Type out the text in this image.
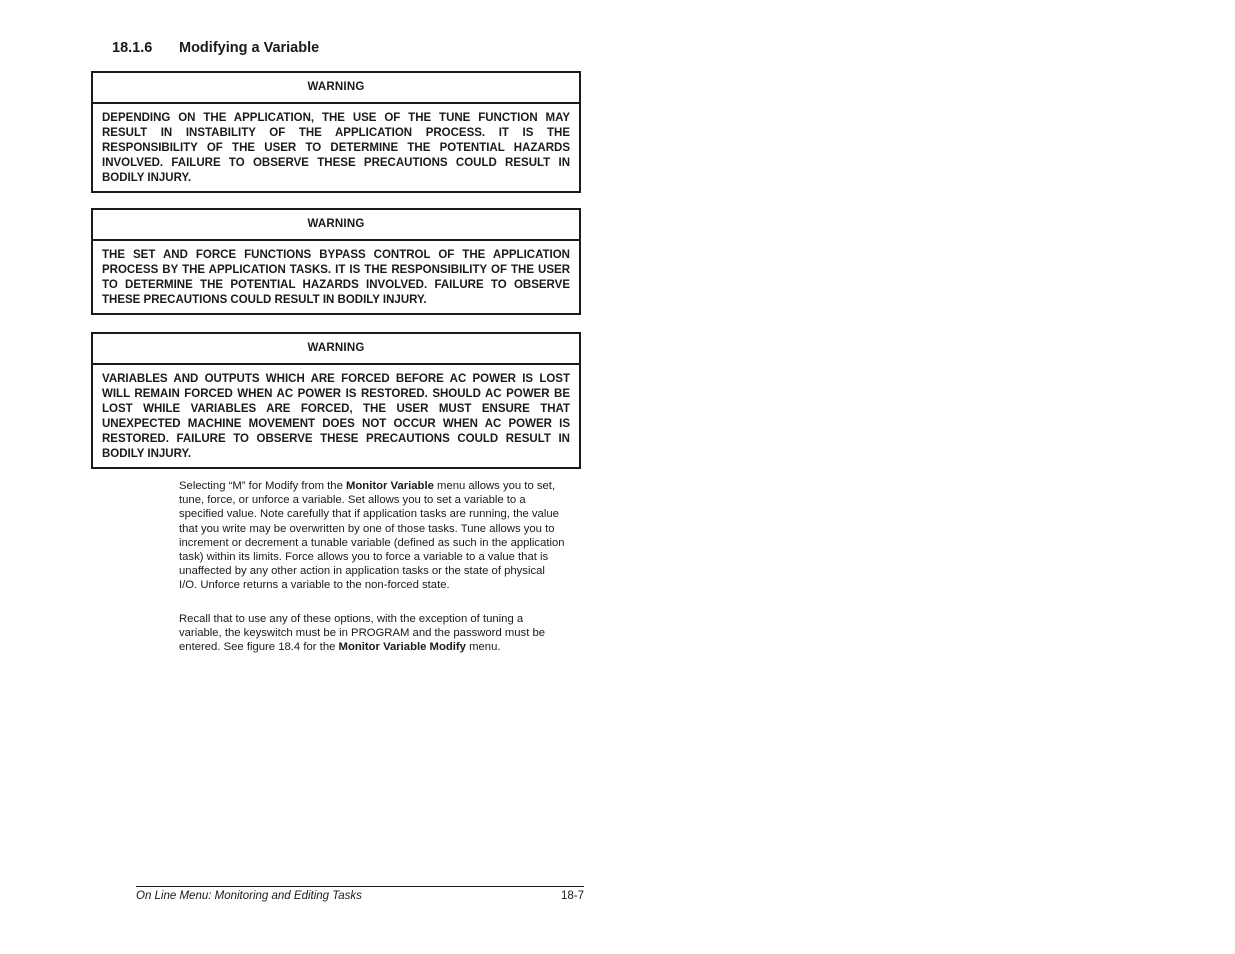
18.1.6 Modifying a Variable
WARNING
DEPENDING ON THE APPLICATION, THE USE OF THE TUNE FUNCTION MAY RESULT IN INSTABILITY OF THE APPLICATION PROCESS. IT IS THE RESPONSIBILITY OF THE USER TO DETERMINE THE POTENTIAL HAZARDS INVOLVED. FAILURE TO OBSERVE THESE PRECAUTIONS COULD RESULT IN BODILY INJURY.
WARNING
THE SET AND FORCE FUNCTIONS BYPASS CONTROL OF THE APPLICATION PROCESS BY THE APPLICATION TASKS. IT IS THE RESPONSIBILITY OF THE USER TO DETERMINE THE POTENTIAL HAZARDS INVOLVED. FAILURE TO OBSERVE THESE PRECAUTIONS COULD RESULT IN BODILY INJURY.
WARNING
VARIABLES AND OUTPUTS WHICH ARE FORCED BEFORE AC POWER IS LOST WILL REMAIN FORCED WHEN AC POWER IS RESTORED. SHOULD AC POWER BE LOST WHILE VARIABLES ARE FORCED, THE USER MUST ENSURE THAT UNEXPECTED MACHINE MOVEMENT DOES NOT OCCUR WHEN AC POWER IS RESTORED. FAILURE TO OBSERVE THESE PRECAUTIONS COULD RESULT IN BODILY INJURY.
Selecting “M” for Modify from the Monitor Variable menu allows you to set, tune, force, or unforce a variable. Set allows you to set a variable to a specified value. Note carefully that if application tasks are running, the value that you write may be overwritten by one of those tasks. Tune allows you to increment or decrement a tunable variable (defined as such in the application task) within its limits. Force allows you to force a variable to a value that is unaffected by any other action in application tasks or the state of physical I/O. Unforce returns a variable to the non-forced state.
Recall that to use any of these options, with the exception of tuning a variable, the keyswitch must be in PROGRAM and the password must be entered. See figure 18.4 for the Monitor Variable Modify menu.
On Line Menu: Monitoring and Editing Tasks	18-7
